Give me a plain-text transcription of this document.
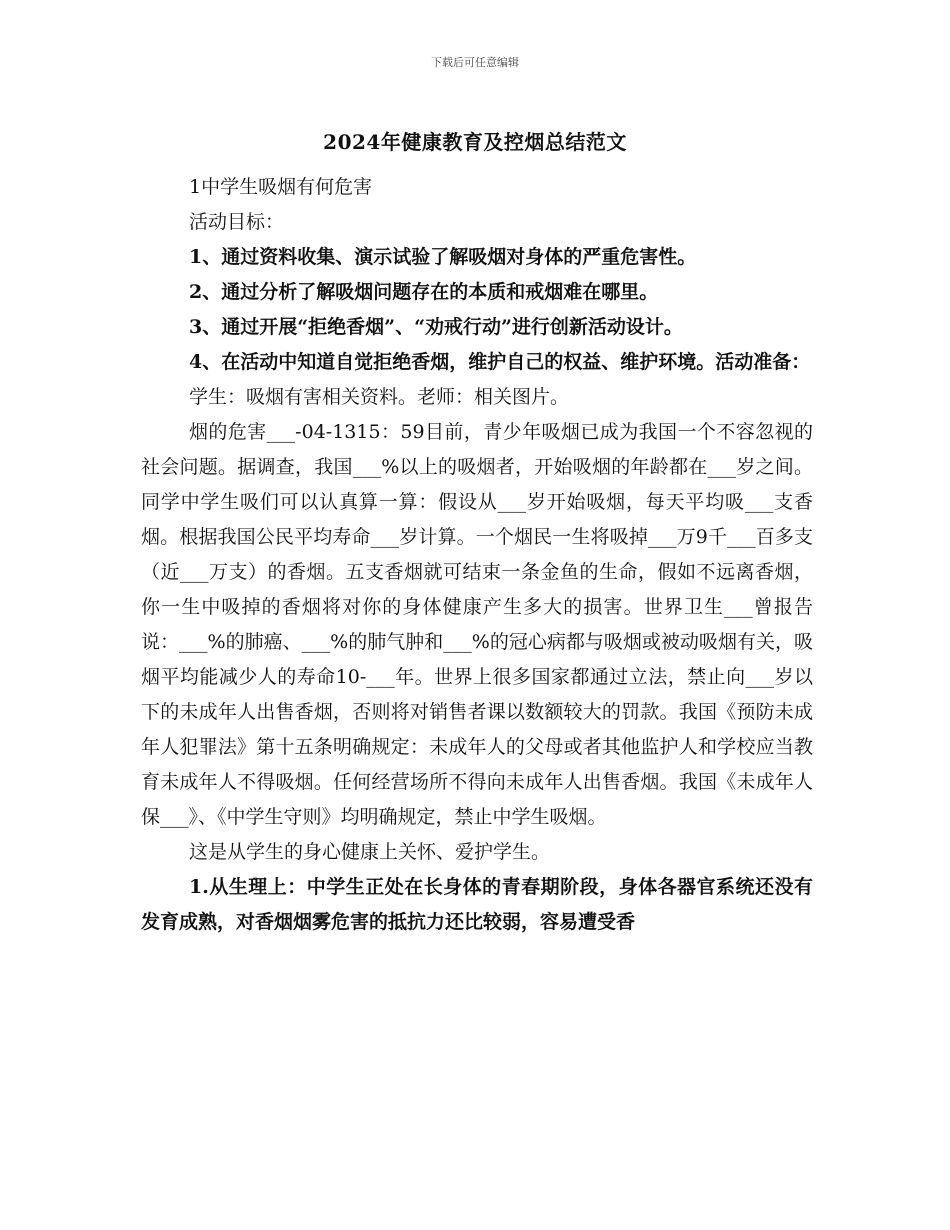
下载后可任意编辑
2024年健康教育及控烟总结范文

1中学生吸烟有何危害

活动目标：

1、通过资料收集、演示试验了解吸烟对身体的严重危害性。

2、通过分析了解吸烟问题存在的本质和戒烟难在哪里。

3、通过开展“拒绝香烟”、“劝戒行动”进行创新活动设计。

4、在活动中知道自觉拒绝香烟，维护自己的权益、维护环境。活动准备：

学生：吸烟有害相关资料。老师：相关图片。

烟的危害___-04-1315：59目前，青少年吸烟已成为我国一个不容忽视的社会问题。据调查，我国___%以上的吸烟者，开始吸烟的年龄都在___岁之间。同学中学生吸们可以认真算一算：假设从___岁开始吸烟，每天平均吸___支香烟。根据我国公民平均寿命___岁计算。一个烟民一生将吸掉___万9千___百多支（近___万支）的香烟。五支香烟就可结束一条金鱼的生命，假如不远离香烟，你一生中吸掉的香烟将对你的身体健康产生多大的损害。世界卫生___曾报告说：___%的肺癌、___%的肺气肿和___%的冠心病都与吸烟或被动吸烟有关，吸烟平均能减少人的寿命10-___年。世界上很多国家都通过立法，禁止向___岁以下的未成年人出售香烟，否则将对销售者课以数额较大的罚款。我国《预防未成年人犯罪法》第十五条明确规定：未成年人的父母或者其他监护人和学校应当教育未成年人不得吸烟。任何经营场所不得向未成年人出售香烟。我国《未成年人保___》、《中学生守则》均明确规定，禁止中学生吸烟。

这是从学生的身心健康上关怀、爱护学生。

1.从生理上：中学生正处在长身体的青春期阶段，身体各器官系统还没有发育成熟，对香烟烟雾危害的抵抗力还比较弱，容易遭受香
